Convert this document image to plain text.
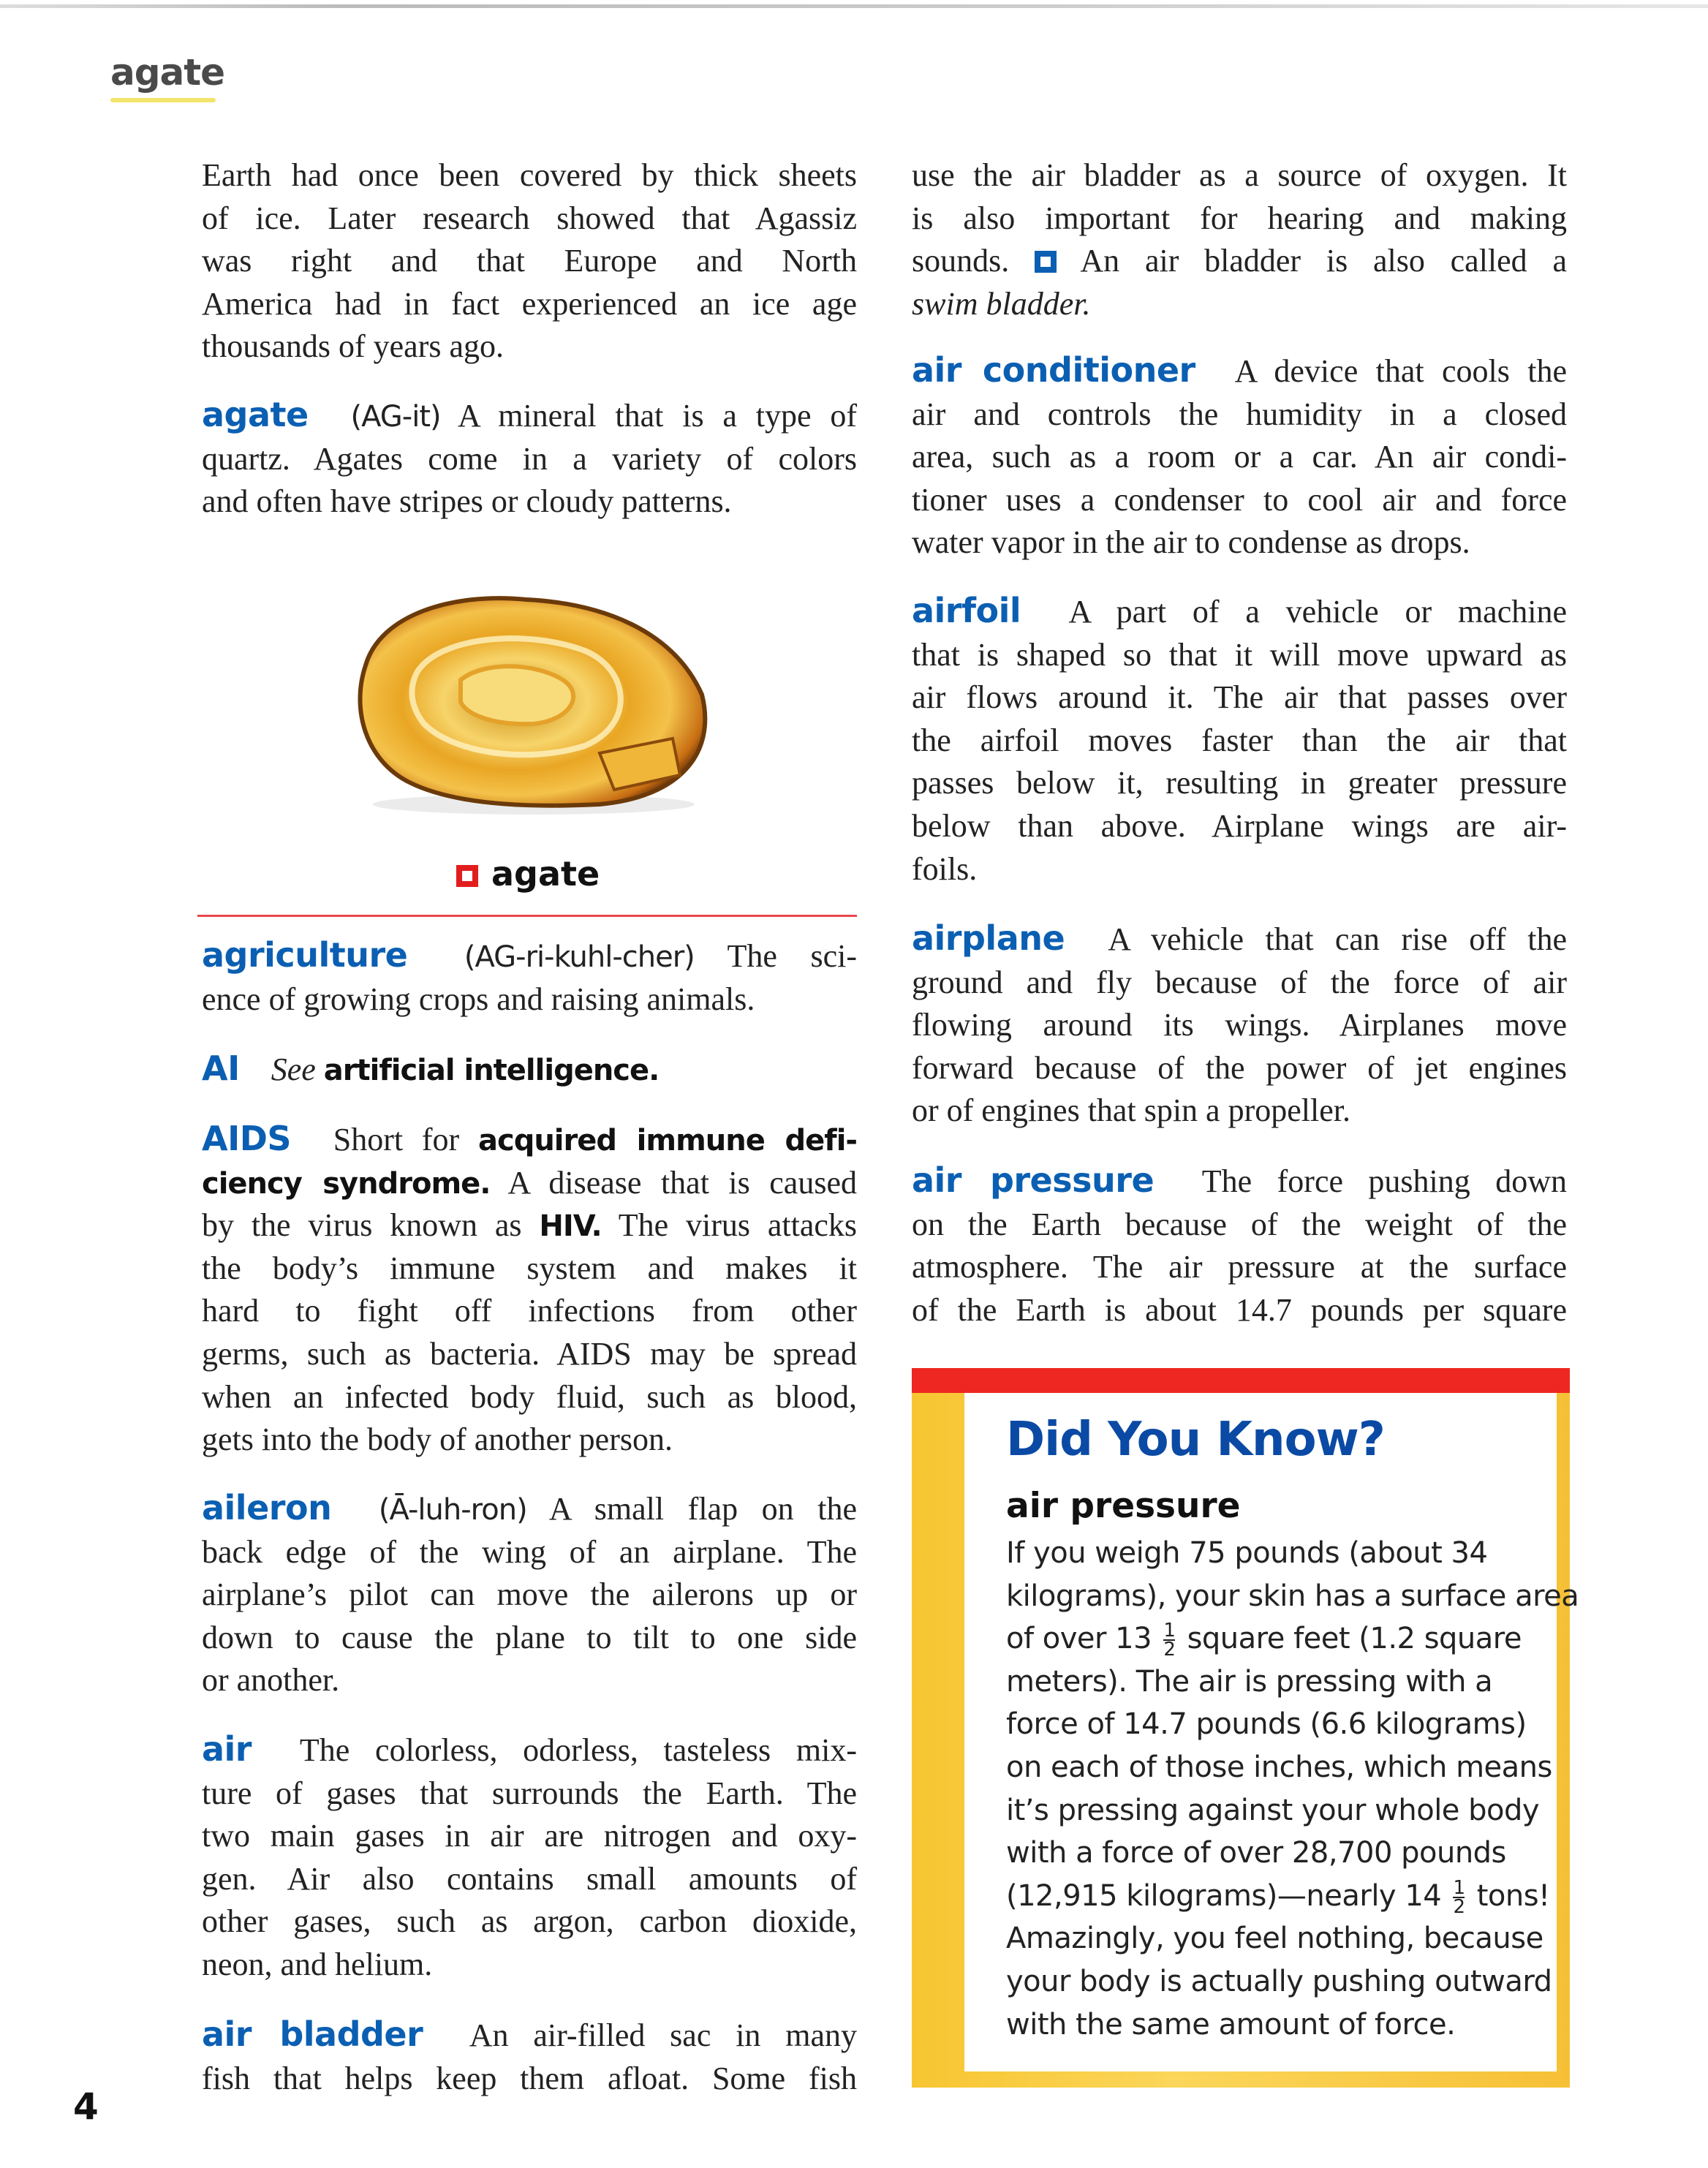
agate
Earth had once been covered by thick sheets
of ice. Later research showed that Agassiz
was right and that Europe and North
America had in fact experienced an ice age
thousands of years ago.
agate (AG-it) A mineral that is a type of
quartz. Agates come in a variety of colors
and often have stripes or cloudy patterns.
agriculture (AG-ri-kuhl-cher) The sci-
ence of growing crops and raising animals.
AI See artificial intelligence.
AIDS Short for acquired immune defi-
ciency syndrome. A disease that is caused
by the virus known as HIV. The virus attacks
the body’s immune system and makes it
hard to fight off infections from other
germs, such as bacteria. AIDS may be spread
when an infected body fluid, such as blood,
gets into the body of another person.
aileron (Ā-luh-ron) A small flap on the
back edge of the wing of an airplane. The
airplane’s pilot can move the ailerons up or
down to cause the plane to tilt to one side
or another.
air The colorless, odorless, tasteless mix-
ture of gases that surrounds the Earth. The
two main gases in air are nitrogen and oxy-
gen. Air also contains small amounts of
other gases, such as argon, carbon dioxide,
neon, and helium.
air bladder An air-filled sac in many
fish that helps keep them afloat. Some fish
use the air bladder as a source of oxygen. It
is also important for hearing and making
sounds. An air bladder is also called a
swim bladder.
air conditioner A device that cools the
air and controls the humidity in a closed
area, such as a room or a car. An air condi-
tioner uses a condenser to cool air and force
water vapor in the air to condense as drops.
airfoil A part of a vehicle or machine
that is shaped so that it will move upward as
air flows around it. The air that passes over
the airfoil moves faster than the air that
passes below it, resulting in greater pressure
below than above. Airplane wings are air-
foils.
airplane A vehicle that can rise off the
ground and fly because of the force of air
flowing around its wings. Airplanes move
forward because of the power of jet engines
or of engines that spin a propeller.
air pressure The force pushing down
on the Earth because of the weight of the
atmosphere. The air pressure at the surface
of the Earth is about 14.7 pounds per square
agate
Did You Know?
air pressure
If you weigh 75 pounds (about 34
kilograms), your skin has a surface area
of over $13 \frac{1}{2}$ square feet (1.2 square
meters). The air is pressing with a
force of 14.7 pounds (6.6 kilograms)
on each of those inches, which means
it’s pressing against your whole body
with a force of over 28,700 pounds
(12,915 kilograms)—nearly $14 \frac{1}{2}$ tons!
Amazingly, you feel nothing, because
your body is actually pushing outward
with the same amount of force.
4
